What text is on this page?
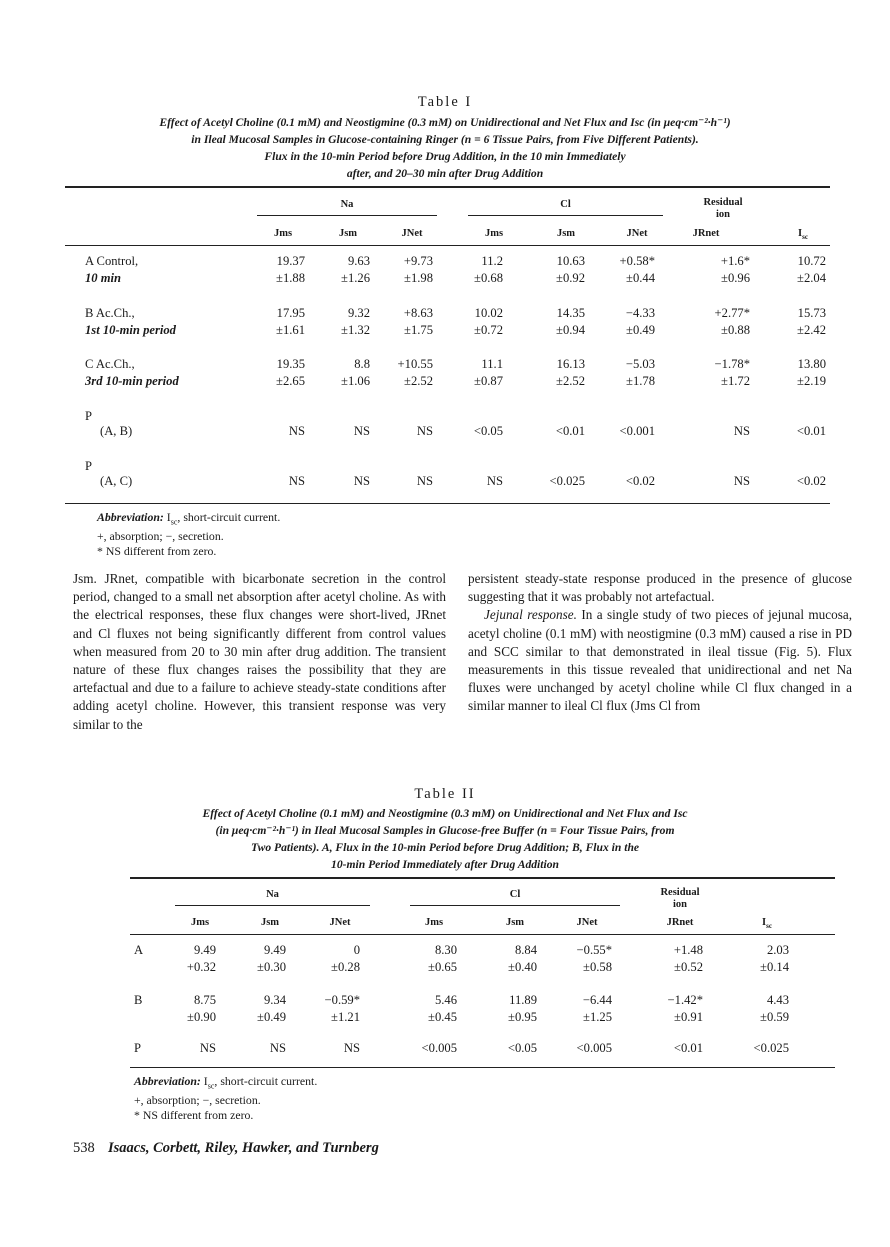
Table I
Effect of Acetyl Choline (0.1 mM) and Neostigmine (0.3 mM) on Unidirectional and Net Flux and Isc (in μeq·cm⁻²·h⁻¹)
in Ileal Mucosal Samples in Glucose-containing Ringer (n = 6 Tissue Pairs, from Five Different Patients).
Flux in the 10-min Period before Drug Addition, in the 10 min Immediately
after, and 20–30 min after Drug Addition
Na	Cl	Residual
ion
Jms	Jsm	JNet	Jms	Jsm	JNet	JRnet	$I_{sc}$
A Control,
10 min
19.37	9.63	+9.73	11.2	10.63	+0.58*	+1.6*	10.72
±1.88	±1.26	±1.98	±0.68	±0.92	±0.44	±0.96	±2.04
B Ac.Ch.,
1st 10-min period
17.95	9.32	+8.63	10.02	14.35	−4.33	+2.77*	15.73
±1.61	±1.32	±1.75	±0.72	±0.94	±0.49	±0.88	±2.42
C Ac.Ch.,
3rd 10-min period
19.35	8.8	+10.55	11.1	16.13	−5.03	−1.78*	13.80
±2.65	±1.06	±2.52	±0.87	±2.52	±1.78	±1.72	±2.19
P
(A, B)	NS	NS	NS	<0.05	<0.01	<0.001	NS	<0.01
P
(A, C)	NS	NS	NS	NS	<0.025	<0.02	NS	<0.02
Abbreviation: $I_{sc}$, short-circuit current.
+, absorption; −, secretion.
* NS different from zero.

Jsm. JRnet, compatible with bicarbonate secretion in the control period, changed to a small net absorption after acetyl choline. As with the electrical responses, these flux changes were short-lived, JRnet and Cl fluxes not being significantly different from control values when measured from 20 to 30 min after drug addition. The transient nature of these flux changes raises the possibility that they are artefactual and due to a failure to achieve steady-state conditions after adding acetyl choline. However, this transient response was very similar to the

persistent steady-state response produced in the presence of glucose suggesting that it was probably not artefactual.

Jejunal response. In a single study of two pieces of jejunal mucosa, acetyl choline (0.1 mM) with neostigmine (0.3 mM) caused a rise in PD and SCC similar to that demonstrated in ileal tissue (Fig. 5). Flux measurements in this tissue revealed that unidirectional and net Na fluxes were unchanged by acetyl choline while Cl flux changed in a similar manner to ileal Cl flux (Jms Cl from

Table II
Effect of Acetyl Choline (0.1 mM) and Neostigmine (0.3 mM) on Unidirectional and Net Flux and Isc
(in μeq·cm⁻²·h⁻¹) in Ileal Mucosal Samples in Glucose-free Buffer (n = Four Tissue Pairs, from
Two Patients). A, Flux in the 10-min Period before Drug Addition; B, Flux in the
10-min Period Immediately after Drug Addition
Na	Cl	Residual
ion
Jms	Jsm	JNet	Jms	Jsm	JNet	JRnet	$I_{sc}$
A	9.49	9.49	0	8.30	8.84	−0.55*	+1.48	2.03
+0.32	±0.30	±0.28	±0.65	±0.40	±0.58	±0.52	±0.14
B	8.75	9.34	−0.59*	5.46	11.89	−6.44	−1.42*	4.43
±0.90	±0.49	±1.21	±0.45	±0.95	±1.25	±0.91	±0.59
P	NS	NS	NS	<0.005	<0.05	<0.005	<0.01	<0.025
Abbreviation: $I_{sc}$, short-circuit current.
+, absorption; −, secretion.
* NS different from zero.
538 Isaacs, Corbett, Riley, Hawker, and Turnberg
